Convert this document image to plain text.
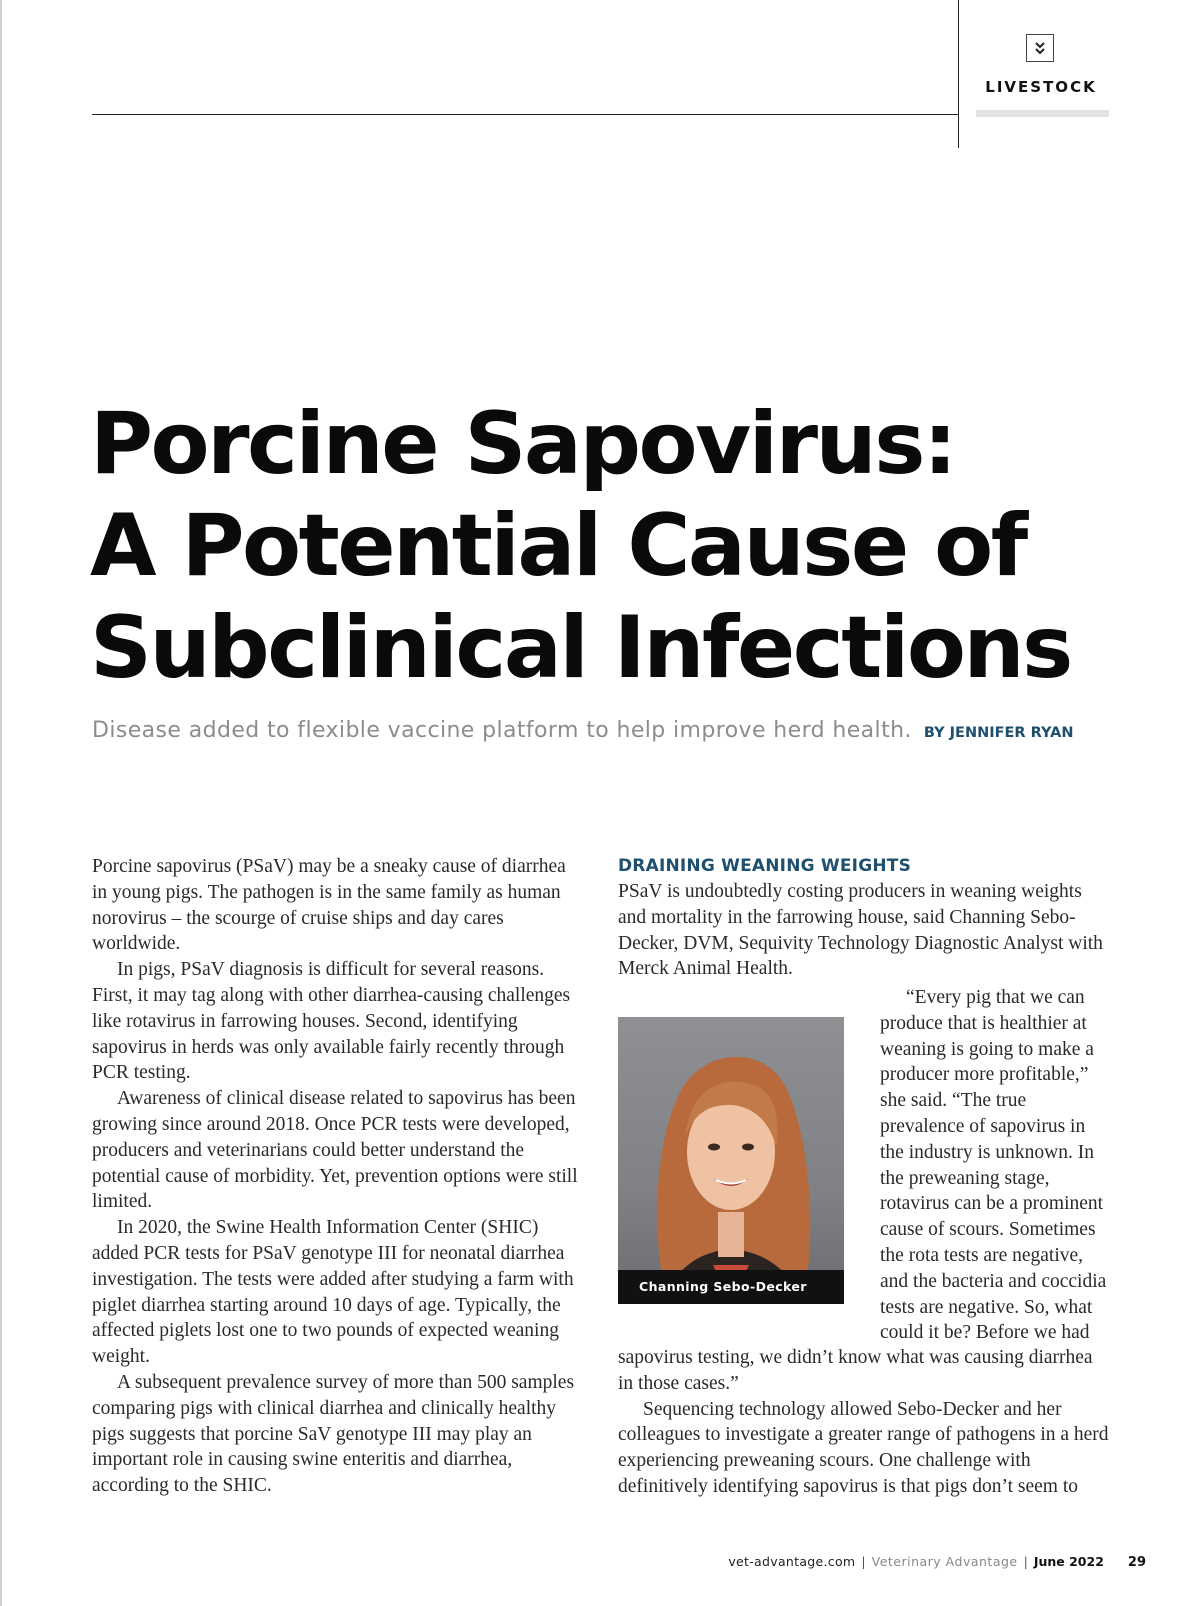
LIVESTOCK
Porcine Sapovirus:
A Potential Cause of
Subclinical Infections
Disease added to flexible vaccine platform to help improve herd health. BY JENNIFER RYAN

Porcine sapovirus (PSaV) may be a sneaky cause of diarrhea in young pigs. The pathogen is in the same family as human norovirus – the scourge of cruise ships and day cares worldwide.

In pigs, PSaV diagnosis is difficult for several reasons. First, it may tag along with other diarrhea-causing challenges like rotavirus in farrowing houses. Second, identifying sapovirus in herds was only available fairly recently through PCR testing.

Awareness of clinical disease related to sapovirus has been growing since around 2018. Once PCR tests were developed, producers and veterinarians could better understand the potential cause of morbidity. Yet, prevention options were still limited.

In 2020, the Swine Health Information Center (SHIC) added PCR tests for PSaV genotype III for neonatal diarrhea investigation. The tests were added after studying a farm with piglet diarrhea starting around 10 days of age. Typically, the affected piglets lost one to two pounds of expected weaning weight.

A subsequent prevalence survey of more than 500 samples comparing pigs with clinical diarrhea and clinically healthy pigs suggests that porcine SaV genotype III may play an important role in causing swine enteritis and diarrhea, according to the SHIC.

DRAINING WEANING WEIGHTS

PSaV is undoubtedly costing producers in weaning weights and mortality in the farrowing house, said Channing Sebo-Decker, DVM, Sequivity Technology Diagnostic Analyst with Merck Animal Health.

Channing Sebo-Decker

“Every pig that we can produce that is healthier at weaning is going to make a producer more profitable,” she said. “The true prevalence of sapovirus in the industry is unknown. In the preweaning stage, rotavirus can be a prominent cause of scours. Sometimes the rota tests are negative, and the bacteria and coccidia tests are negative. So, what could it be? Before we had

sapovirus testing, we didn’t know what was causing diarrhea in those cases.”

Sequencing technology allowed Sebo-Decker and her colleagues to investigate a greater range of pathogens in a herd experiencing preweaning scours. One challenge with definitively identifying sapovirus is that pigs don’t seem to

vet-advantage.com | Veterinary Advantage | June 2022 29
